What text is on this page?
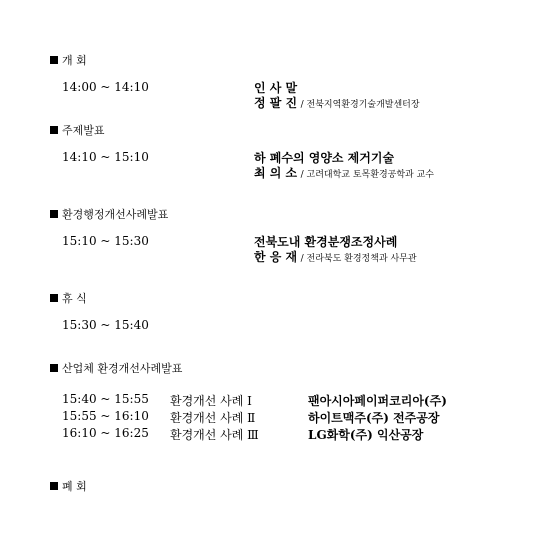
개 회
14:00 ~ 14:10	인 사 말
정 팔 진 / 전북지역환경기술개발센터장
주제발표
14:10 ~ 15:10	하 폐수의 영양소 제거기술
최 의 소 / 고려대학교 토목환경공학과 교수
환경행정개선사례발표
15:10 ~ 15:30	전북도내 환경분쟁조정사례
한 응 재 / 전라북도 환경정책과 사무관
휴 식
15:30 ~ 15:40
산업체 환경개선사례발표
15:40 ~ 15:55 환경개선 사례 Ⅰ	팬아시아페이퍼코리아(주)
15:55 ~ 16:10 환경개선 사례 Ⅱ	하이트맥주(주) 전주공장
16:10 ~ 16:25 환경개선 사례 Ⅲ	LG화학(주) 익산공장
폐 회
